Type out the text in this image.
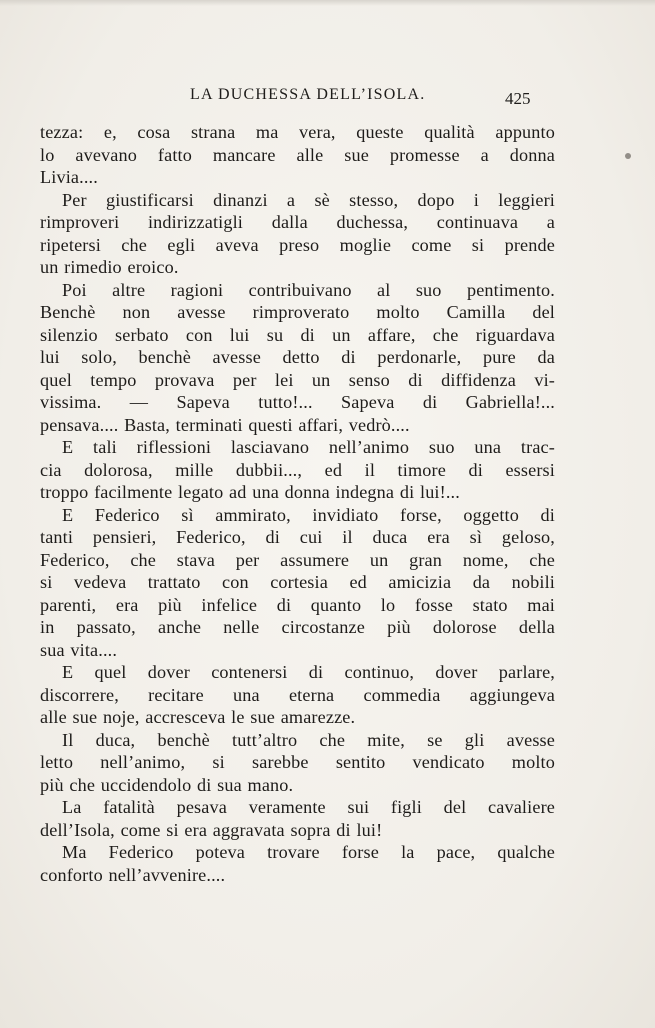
LA DUCHESSA DELL’ISOLA.	425
tezza: e, cosa strana ma vera, queste qualità appunto
lo avevano fatto mancare alle sue promesse a donna
Livia....
Per giustificarsi dinanzi a sè stesso, dopo i leggieri
rimproveri indirizzatigli dalla duchessa, continuava a
ripetersi che egli aveva preso moglie come si prende
un rimedio eroico.
Poi altre ragioni contribuivano al suo pentimento.
Benchè non avesse rimproverato molto Camilla del
silenzio serbato con lui su di un affare, che riguardava
lui solo, benchè avesse detto di perdonarle, pure da
quel tempo provava per lei un senso di diffidenza vi-
vissima. — Sapeva tutto!... Sapeva di Gabriella!...
pensava.... Basta, terminati questi affari, vedrò....
E tali riflessioni lasciavano nell’animo suo una trac-
cia dolorosa, mille dubbii..., ed il timore di essersi
troppo facilmente legato ad una donna indegna di lui!...
E Federico sì ammirato, invidiato forse, oggetto di
tanti pensieri, Federico, di cui il duca era sì geloso,
Federico, che stava per assumere un gran nome, che
si vedeva trattato con cortesia ed amicizia da nobili
parenti, era più infelice di quanto lo fosse stato mai
in passato, anche nelle circostanze più dolorose della
sua vita....
E quel dover contenersi di continuo, dover parlare,
discorrere, recitare una eterna commedia aggiungeva
alle sue noje, accresceva le sue amarezze.
Il duca, benchè tutt’altro che mite, se gli avesse
letto nell’animo, si sarebbe sentito vendicato molto
più che uccidendolo di sua mano.
La fatalità pesava veramente sui figli del cavaliere
dell’Isola, come si era aggravata sopra di lui!
Ma Federico poteva trovare forse la pace, qualche
conforto nell’avvenire....
